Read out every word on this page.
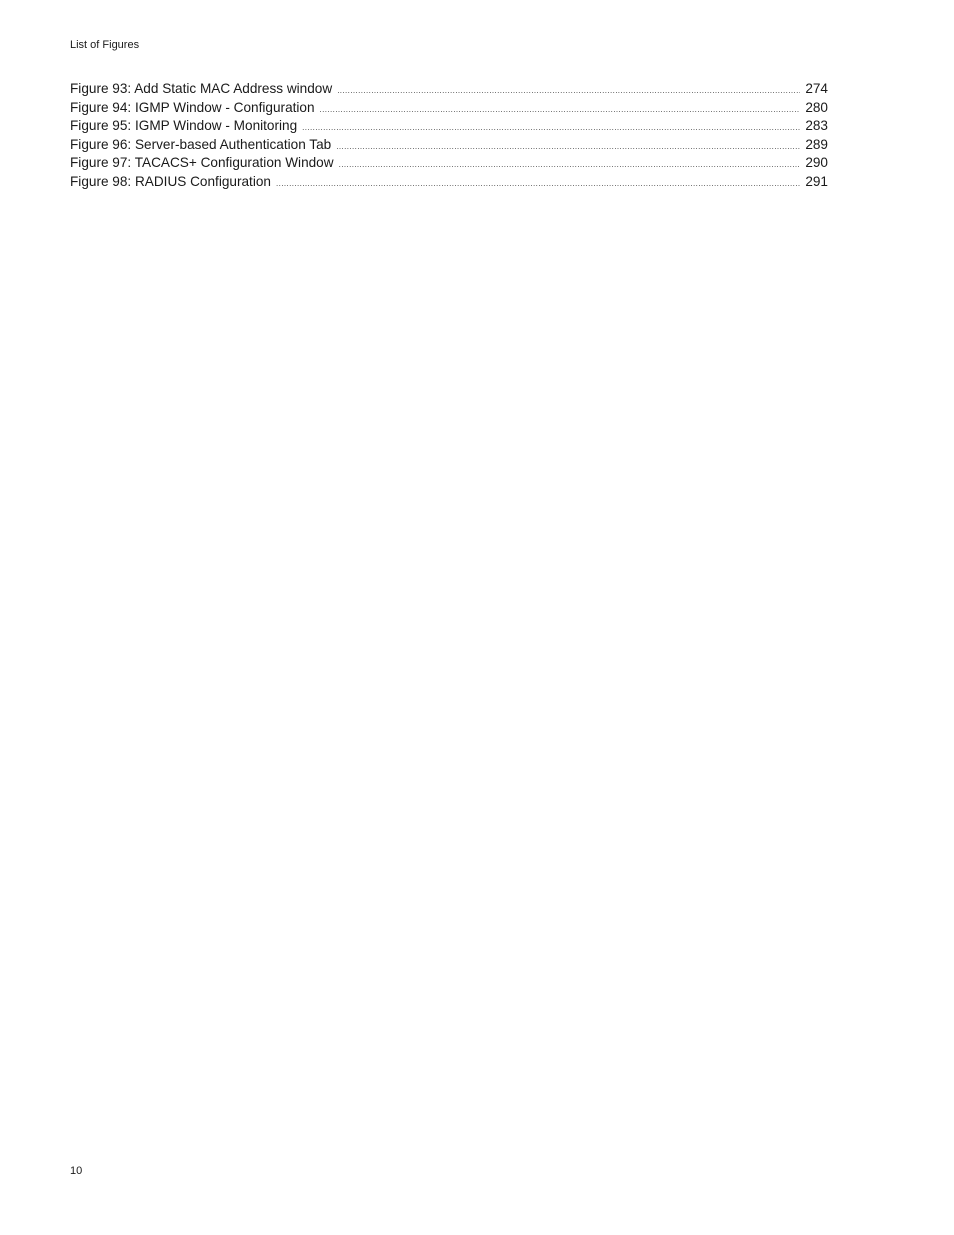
List of Figures
Figure 93: Add Static MAC Address window .....	274
Figure 94: IGMP Window - Configuration .....	280
Figure 95: IGMP Window - Monitoring .....	283
Figure 96: Server-based Authentication Tab .....	289
Figure 97: TACACS+ Configuration Window .....	290
Figure 98: RADIUS Configuration .....	291
10
